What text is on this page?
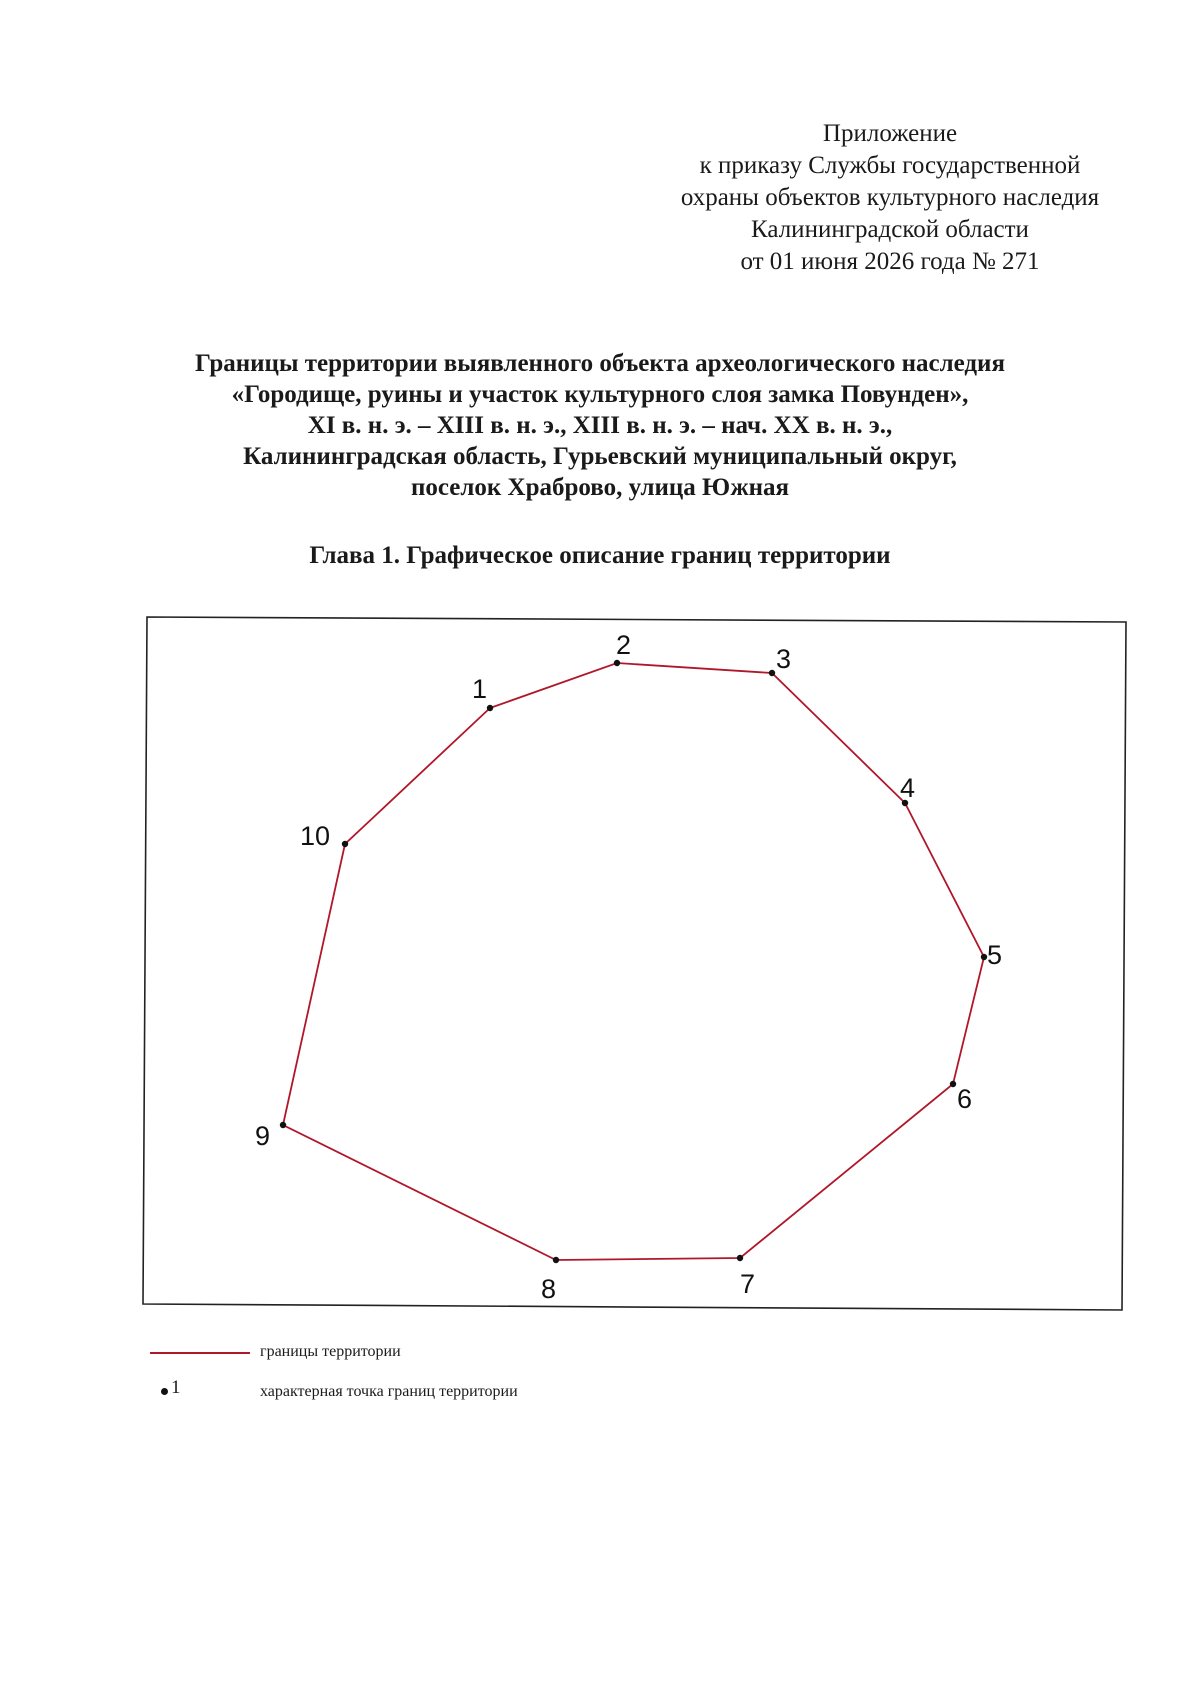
Приложение
к приказу Службы государственной
охраны объектов культурного наследия
Калининградской области
от 01 июня 2026 года № 271
Границы территории выявленного объекта археологического наследия
«Городище, руины и участок культурного слоя замка Повунден»,
XI в. н. э. – XIII в. н. э., XIII в. н. э. – нач. XX в. н. э.,
Калининградская область, Гурьевский муниципальный округ,
поселок Храброво, улица Южная
Глава 1. Графическое описание границ территории
1
2	3
4
5
6
7
8
9
10
границы территории
1	характерная точка границ территории
